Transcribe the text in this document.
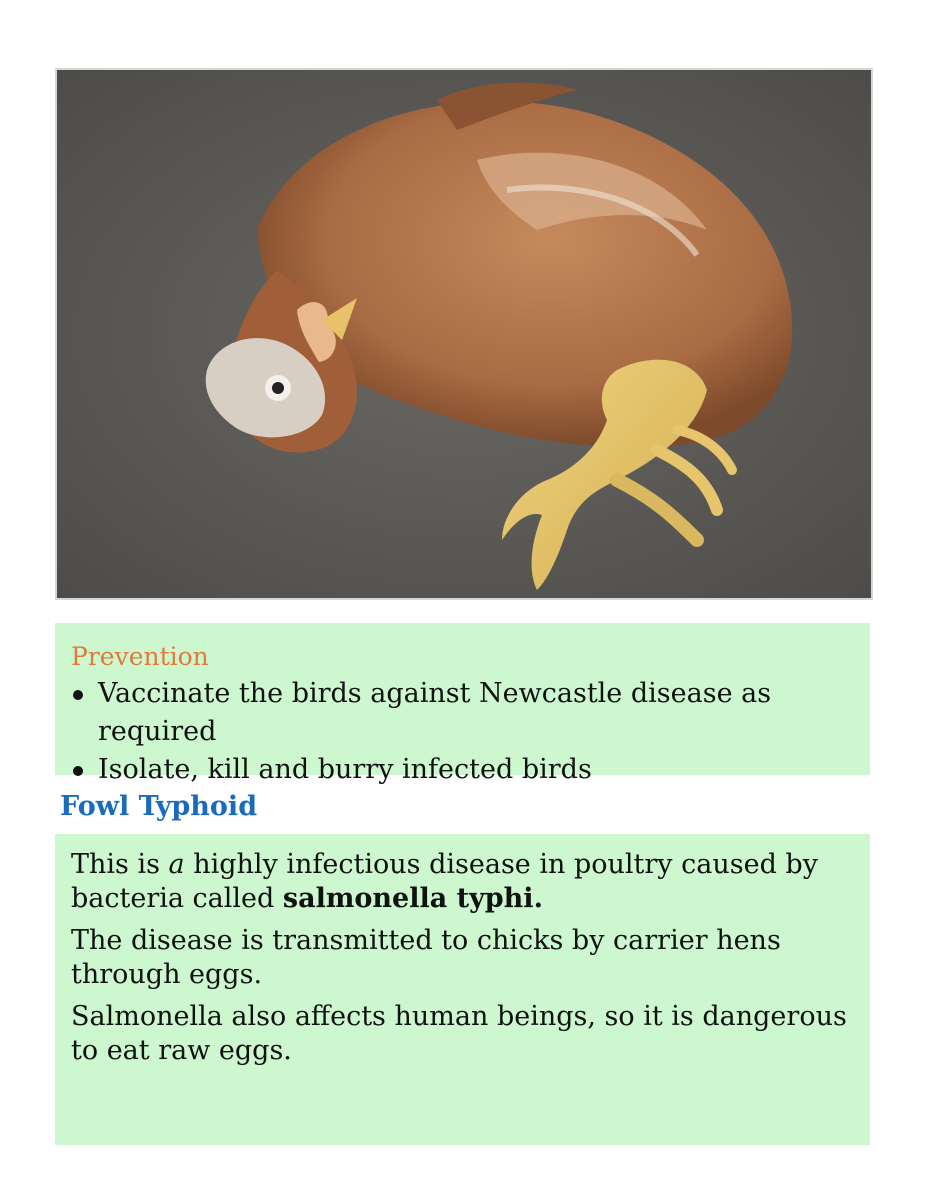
Prevention

Vaccinate the birds against Newcastle disease as required
Isolate, kill and burry infected birds
Fowl Typhoid

This is a highly infectious disease in poultry caused by bacteria called salmonella typhi.

The disease is transmitted to chicks by carrier hens through eggs.

Salmonella also affects human beings, so it is dangerous to eat raw eggs.
